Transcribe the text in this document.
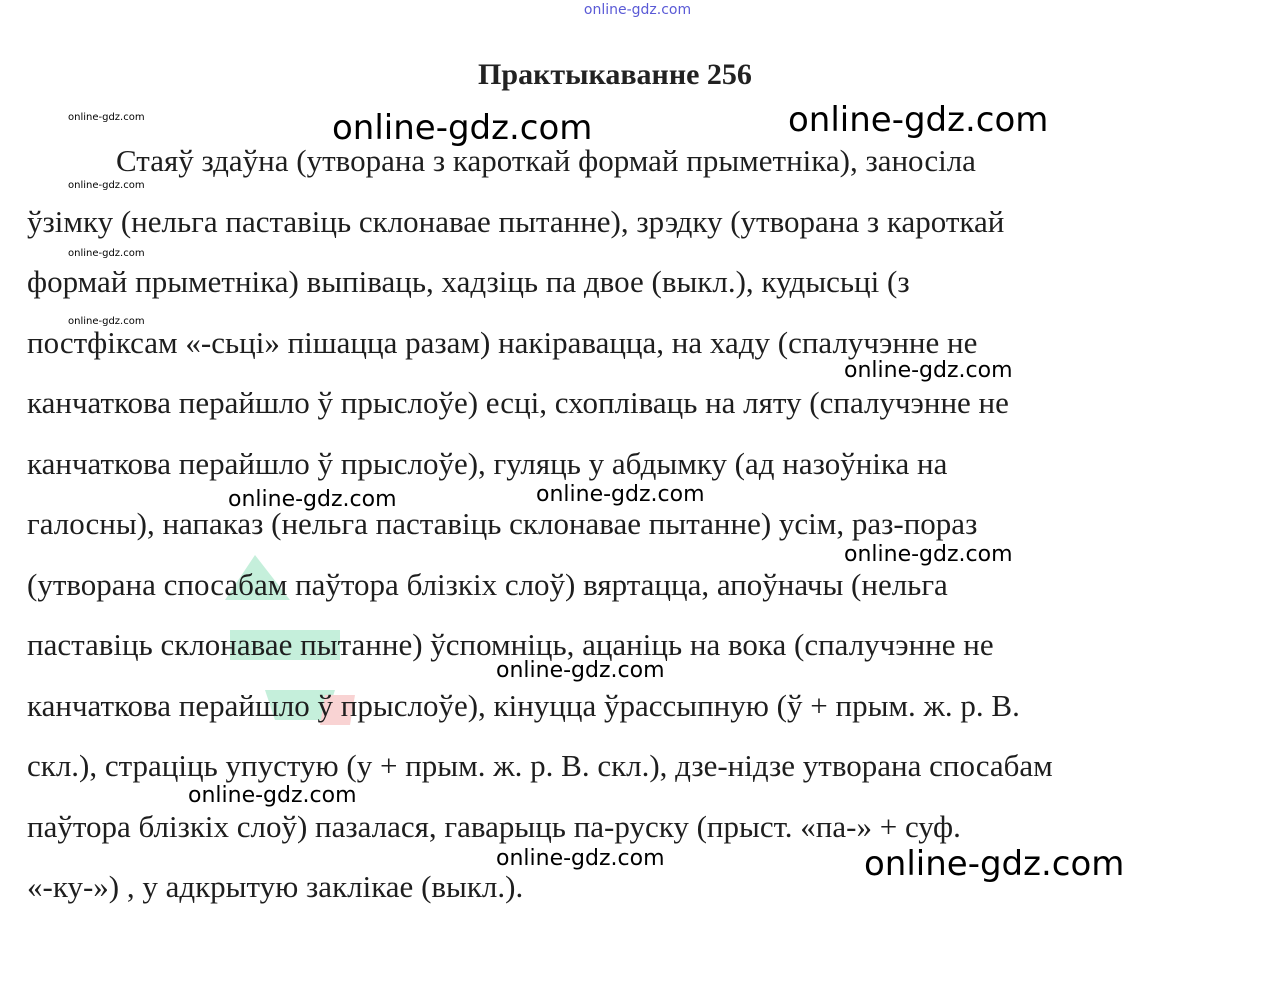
online-gdz.com
Практыкаванне 256
Стаяў здаўна (утворана з кароткай формай прыметніка), заносіла
ўзімку (нельга паставіць склонавае пытанне), зрэдку (утворана з кароткай
формай прыметніка) выпіваць, хадзіць па двое (выкл.), кудысьці (з
постфіксам «-сьці» пішацца разам) накіравацца, на хаду (спалучэнне не
канчаткова перайшло ў прыслоўе) есці, схопліваць на ляту (спалучэнне не
канчаткова перайшло ў прыслоўе), гуляць у абдымку (ад назоўніка на
галосны), напаказ (нельга паставіць склонавае пытанне) усім, раз-пораз
(утворана спосабам паўтора блізкіх слоў) вяртацца, апоўначы (нельга
паставіць склонавае пытанне) ўспомніць, ацаніць на вока (спалучэнне не
канчаткова перайшло ў прыслоўе), кінуцца ўрассыпную (ў + прым. ж. р. В.
скл.), страціць упустую (у + прым. ж. р. В. скл.), дзе-нідзе утворана спосабам
паўтора блізкіх слоў) пазалася, гаварыць па-руску (прыст. «па-» + суф.
«-ку-») , у адкрытую заклікае (выкл.).
online-gdz.com
online-gdz.com
online-gdz.com
online-gdz.com
online-gdz.com	online-gdz.com
online-gdz.com
online-gdz.com
online-gdz.com	online-gdz.com
online-gdz.com
online-gdz.com
online-gdz.com
online-gdz.com
